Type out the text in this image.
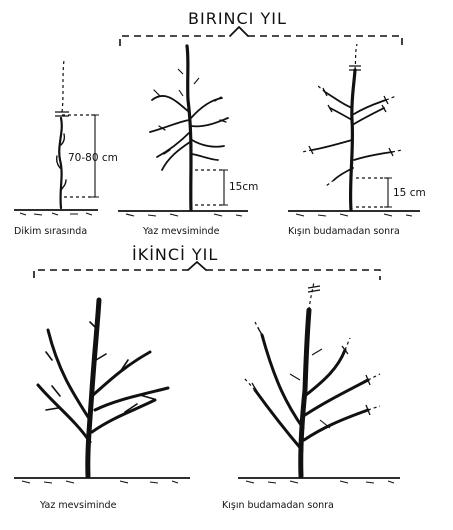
BIRINCI YIL
İKİNCİ YIL
70-80 cm
Dikim sırasında
15cm
Yaz mevsiminde
15 cm
Kışın budamadan sonra
Yaz mevsiminde	Kışın budamadan sonra
